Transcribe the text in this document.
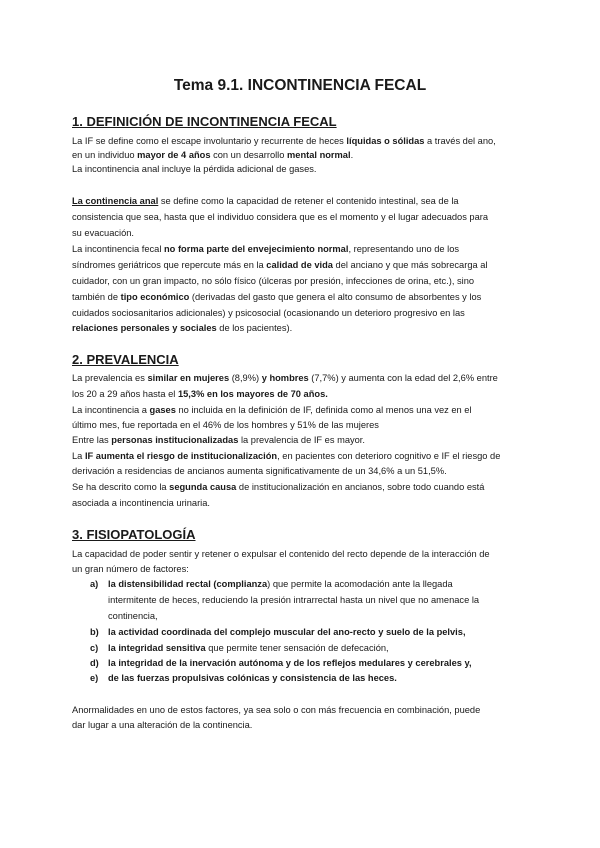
Tema 9.1. INCONTINENCIA FECAL
1. DEFINICIÓN DE INCONTINENCIA FECAL

La IF se define como el escape involuntario y recurrente de heces líquidas o sólidas a través del ano,

en un individuo mayor de 4 años con un desarrollo mental normal.

La incontinencia anal incluye la pérdida adicional de gases.

La continencia anal se define como la capacidad de retener el contenido intestinal, sea de la

consistencia que sea, hasta que el individuo considera que es el momento y el lugar adecuados para

su evacuación.

La incontinencia fecal no forma parte del envejecimiento normal, representando uno de los

síndromes geriátricos que repercute más en la calidad de vida del anciano y que más sobrecarga al

cuidador, con un gran impacto, no sólo físico (úlceras por presión, infecciones de orina, etc.), sino

también de tipo económico (derivadas del gasto que genera el alto consumo de absorbentes y los

cuidados sociosanitarios adicionales) y psicosocial (ocasionando un deterioro progresivo en las

relaciones personales y sociales de los pacientes).

2. PREVALENCIA

La prevalencia es similar en mujeres (8,9%) y hombres (7,7%) y aumenta con la edad del 2,6% entre

los 20 a 29 años hasta el 15,3% en los mayores de 70 años.

La incontinencia a gases no incluida en la definición de IF, definida como al menos una vez en el

último mes, fue reportada en el 46% de los hombres y 51% de las mujeres

Entre las personas institucionalizadas la prevalencia de IF es mayor.

La IF aumenta el riesgo de institucionalización, en pacientes con deterioro cognitivo e IF el riesgo de

derivación a residencias de ancianos aumenta significativamente de un 34,6% a un 51,5%.

Se ha descrito como la segunda causa de institucionalización en ancianos, sobre todo cuando está

asociada a incontinencia urinaria.

3. FISIOPATOLOGÍA

La capacidad de poder sentir y retener o expulsar el contenido del recto depende de la interacción de

un gran número de factores:

a) la distensibilidad rectal (complianza) que permite la acomodación ante la llegada

intermitente de heces, reduciendo la presión intrarrectal hasta un nivel que no amenace la

continencia,

b) la actividad coordinada del complejo muscular del ano-recto y suelo de la pelvis,

c) la integridad sensitiva que permite tener sensación de defecación,

d) la integridad de la inervación autónoma y de los reflejos medulares y cerebrales y,

e) de las fuerzas propulsivas colónicas y consistencia de las heces.

Anormalidades en uno de estos factores, ya sea solo o con más frecuencia en combinación, puede

dar lugar a una alteración de la continencia.
